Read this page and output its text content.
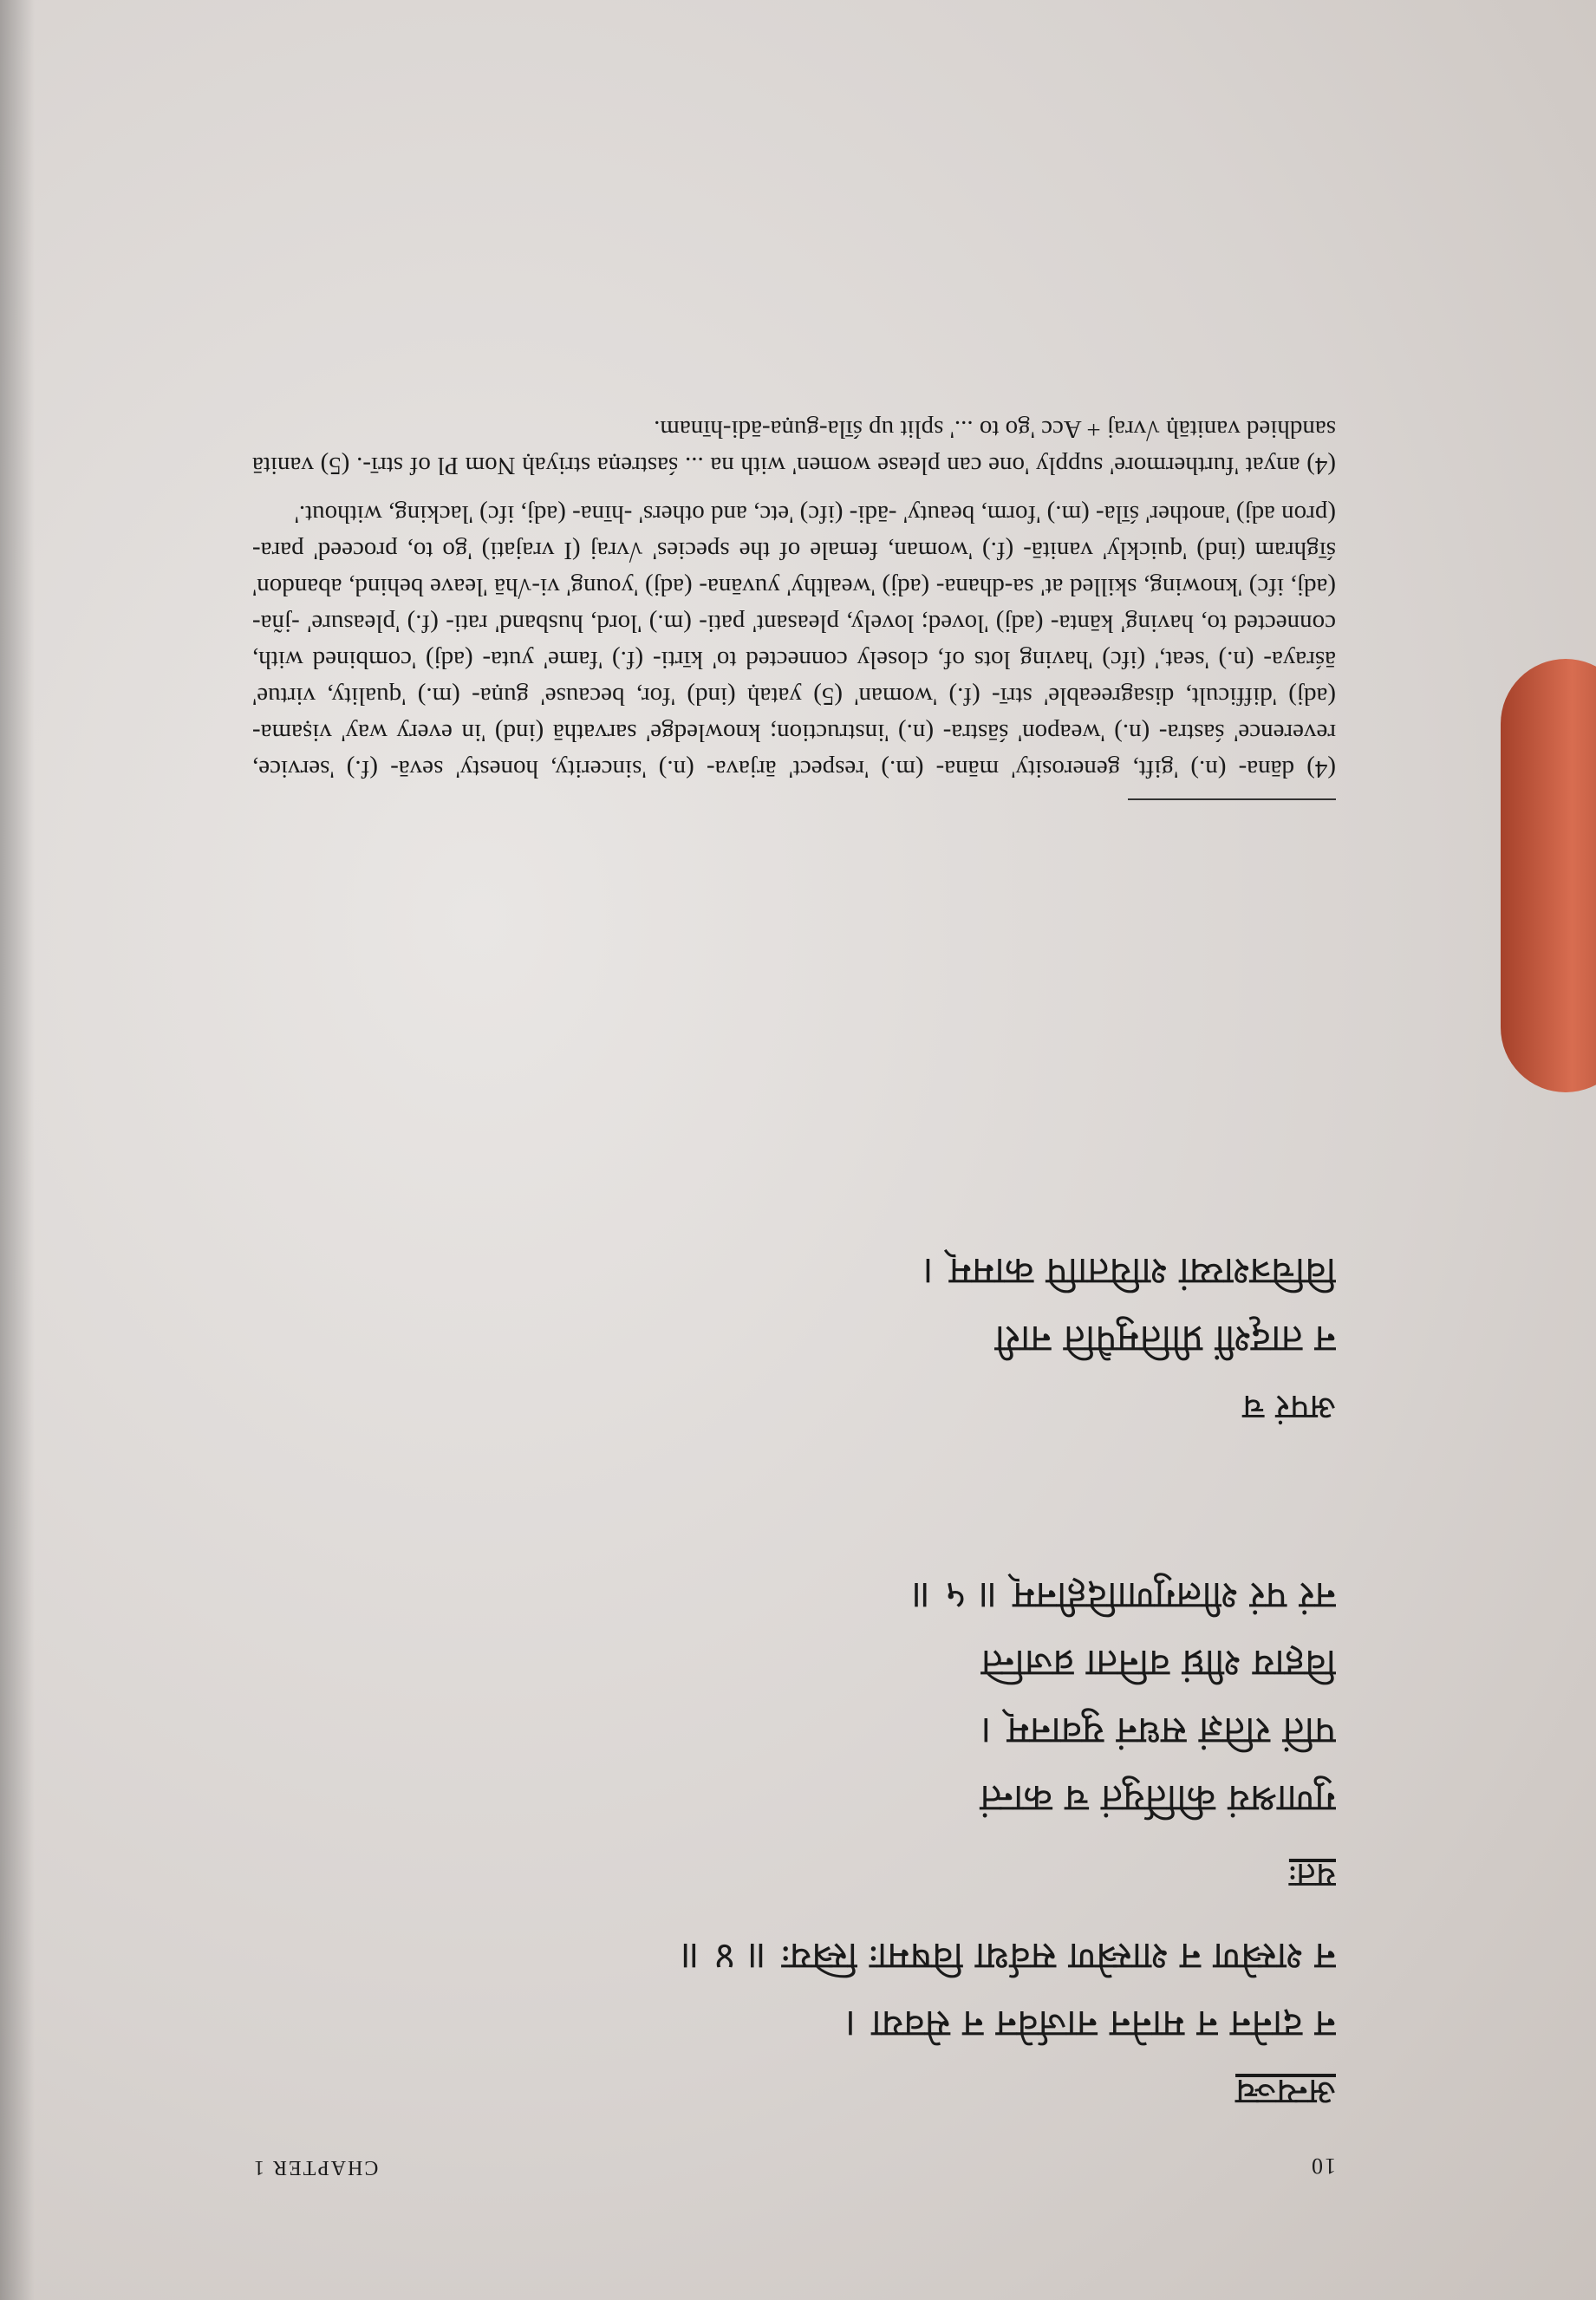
10
CHAPTER 1
अन्यञ्च
न दानेन न मानेन नार्जवेन न सेवया ।
न शस्त्रेण न शास्त्रेण सर्वथा विषमाः स्त्रियः ॥ ४ ॥
यतः
गुणाश्रयं कीर्तियुतं च कान्तं
पतिं रतिज्ञं सधनं युवानम् ।
विहाय शीघ्रं वनिता व्रजन्ति
नरं परं शीलगुणादिहीनम् ॥ ५ ॥
अपरं च
न तादृशीं प्रीतिमुपैति नारी
विचित्रशय्यां शयितापि कामम् ।

(4) dāna- (n.) 'gift, generosity' māna- (m.) 'respect' ārjava- (n.) 'sincerity, honesty' sevā- (f.) 'service, reverence' śastra- (n.) 'weapon' śāstra- (n.) 'instruction; knowledge' sarvathā (ind) 'in every way' viṣama- (adj) 'difficult, disagreeable' strī- (f.) 'woman' (5) yataḥ (ind) 'for, because' guṇa- (m.) 'quality, virtue' āśraya- (n.) 'seat,' (ifc) 'having lots of, closely connected to' kīrti- (f.) 'fame' yuta- (adj) 'combined with, connected to, having' kānta- (adj) 'loved; lovely, pleasant' pati- (m.) 'lord, husband' rati- (f.) 'pleasure' -jña- (adj, ifc) 'knowing, skilled at' sa-dhana- (adj) 'wealthy' yuvāna- (adj) 'young' vi-√hā 'leave behind, abandon' śīghram (ind) 'quickly' vanitā- (f.) 'woman, female of the species' √vraj (I vrajati) 'go to, proceed' para- (pron adj) 'another' śīla- (m.) 'form, beauty' -ādi- (ifc) 'etc, and others' -hīna- (adj, ifc) 'lacking, without.'

(4) anyat 'furthermore' supply 'one can please women' with na ... śastreṇa striyaḥ Nom Pl of strī-. (5) vanitā sandhied vanitāḥ √vraj + Acc 'go to ...' split up śīla-guṇa-ādi-hīnam.
